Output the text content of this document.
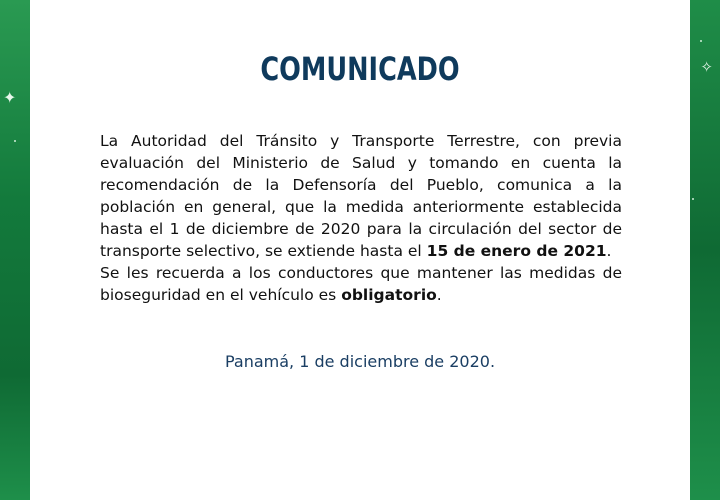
✦
✧
COMUNICADO

La Autoridad del Tránsito y Transporte Terrestre, con previa evaluación del Ministerio de Salud y tomando en cuenta la recomendación de la Defensoría del Pueblo, comunica a la población en general, que la medida anteriormente establecida hasta el 1 de diciembre de 2020 para la circulación del sector de transporte selectivo, se extiende hasta el 15 de enero de 2021.

Se les recuerda a los conductores que mantener las medidas de bioseguridad en el vehículo es obligatorio.

Panamá, 1 de diciembre de 2020.
